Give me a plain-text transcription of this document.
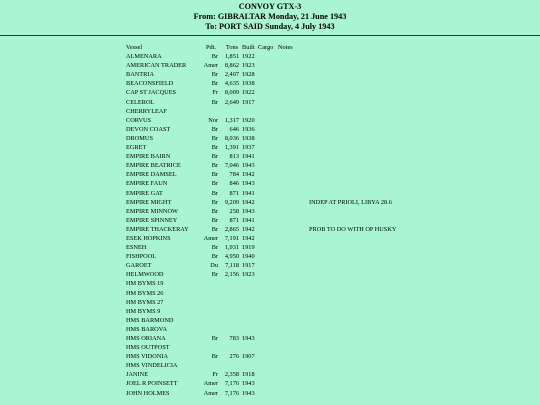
CONVOY GTX-3
From: GIBRALTAR Monday, 21 June 1943
To: PORT SAID Sunday, 4 July 1943
Vessel	Pdt.	Tons	Built	Cargo	Notes
ALMENARA	Br	1,851	1922		
AMERICAN TRADER	Amer	8,862	1923		
BANTRIA	Br	2,407	1928		
BEACONSFIELD	Br	4,635	1938		
CAP ST JACQUES	Fr	8,009	1922		
CELEROL	Br	2,649	1917		
CHERRYLEAF					
CORVUS	Nor	1,317	1920		
DEVON COAST	Br	646	1936		
DROMUS	Br	8,036	1938		
EGRET	Br	1,391	1937		
EMPIRE BAIRN	Br	813	1941		
EMPIRE BEATRICE	Br	7,046	1943		
EMPIRE DAMSEL	Br	784	1942		
EMPIRE FAUN	Br	846	1943		
EMPIRE GAT	Br	871	1941		
EMPIRE MIGHT	Br	9,209	1942		INDEP AT PRIOLI, LIBYA 28.6
EMPIRE MINNOW	Br	258	1943		
EMPIRE SPINNEY	Br	871	1941		
EMPIRE THACKERAY	Br	2,865	1942		PROB TO DO WITH OP HUSKY
ESEK HOPKINS	Amer	7,191	1942		
ESNEH	Br	1,931	1919		
FISHPOOL	Br	4,950	1940		
GAROET	Du	7,118	1917		
HELMWOOD	Br	2,156	1923		
HM BYMS 19					
HM BYMS 26					
HM BYMS 27					
HM BYMS 9					
HMS BARMOND					
HMS BAROVA					
HMS ORIANA	Br	783	1943		
HMS OUTPOST					
HMS VIDONIA	Br	276	1907		
HMS VINDELICIA					
JANINE	Fr	2,358	1918		
JOEL R POINSETT	Amer	7,176	1943		
JOHN HOLMES	Amer	7,176	1943		
